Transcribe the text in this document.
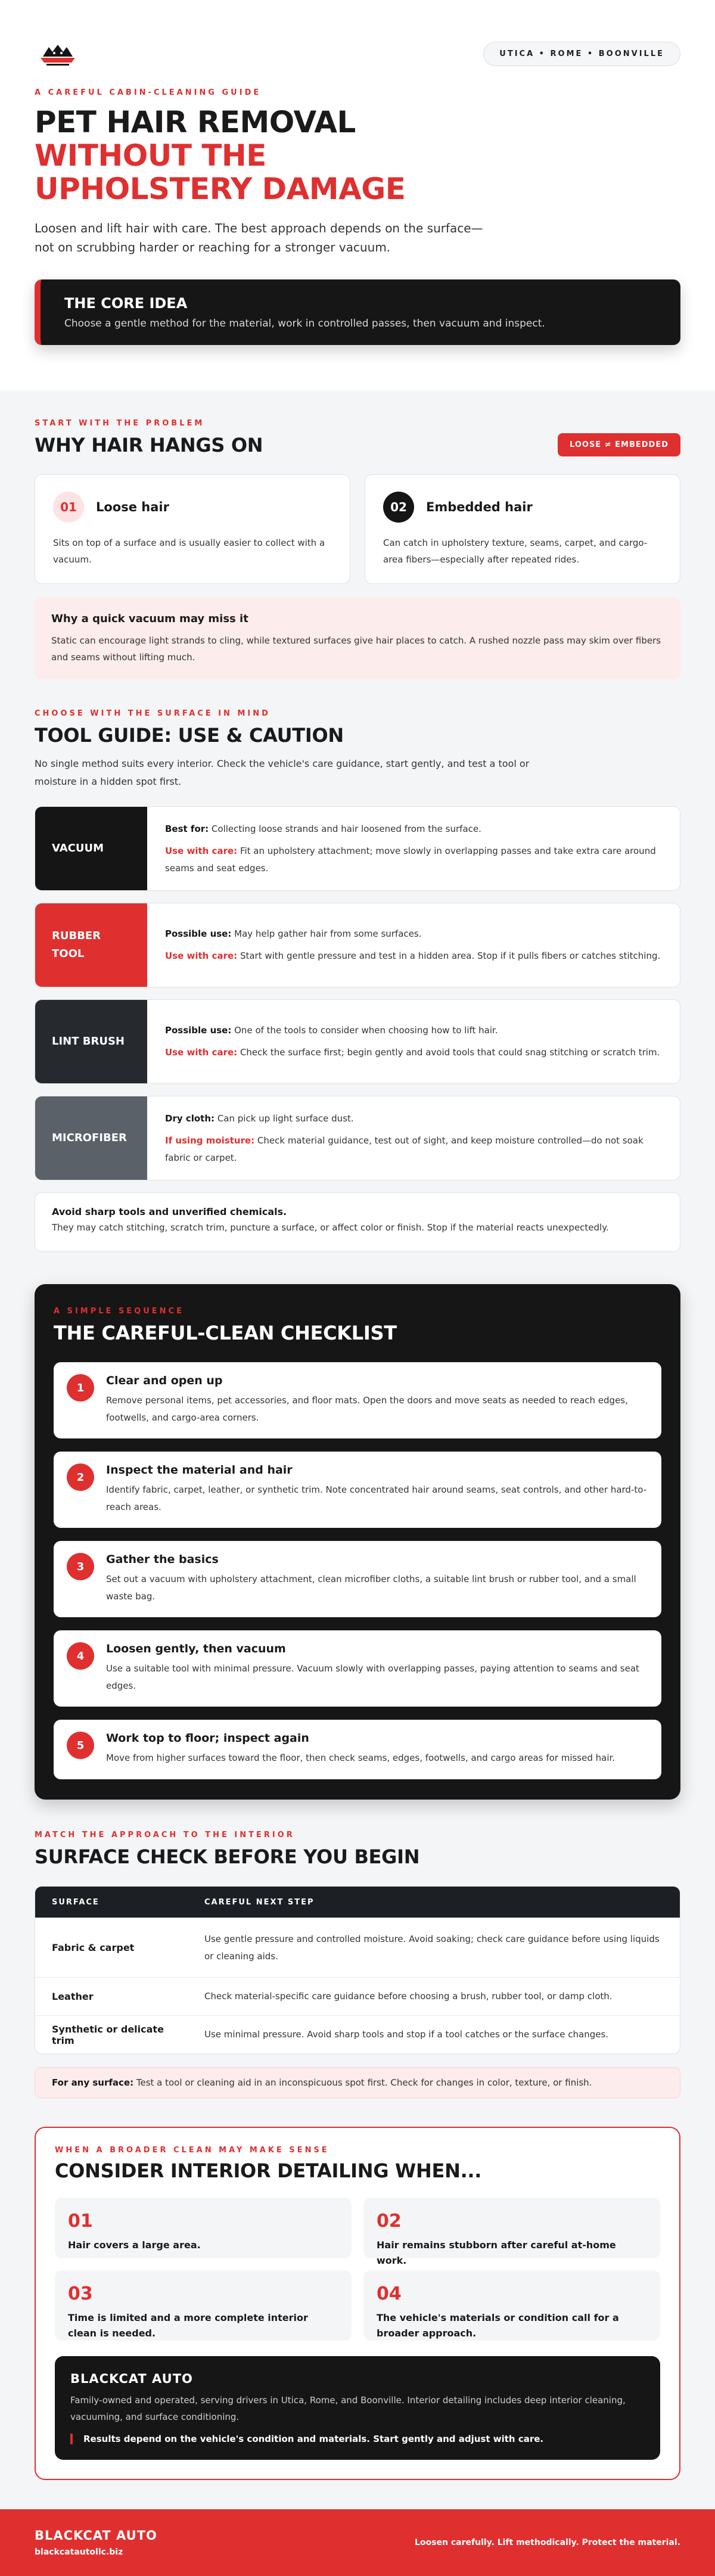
UTICA • ROME • BOONVILLE
A CAREFUL CABIN-CLEANING GUIDE
PET HAIR REMOVAL
WITHOUT THE UPHOLSTERY DAMAGE

Loosen and lift hair with care. The best approach depends on the surface—not on scrubbing harder or reaching for a stronger vacuum.

THE CORE IDEA

Choose a gentle method for the material, work in controlled passes, then vacuum and inspect.

START WITH THE PROBLEM
WHY HAIR HANGS ON	LOOSE ≠ EMBEDDED
01	Loose hair

Sits on top of a surface and is usually easier to collect with a vacuum.

02	Embedded hair

Can catch in upholstery texture, seams, carpet, and cargo-area fibers—especially after repeated rides.

Why a quick vacuum may miss it

Static can encourage light strands to cling, while textured surfaces give hair places to catch. A rushed nozzle pass may skim over fibers and seams without lifting much.

CHOOSE WITH THE SURFACE IN MIND
TOOL GUIDE: USE & CAUTION

No single method suits every interior. Check the vehicle's care guidance, start gently, and test a tool or moisture in a hidden spot first.

VACUUM
Best for: Collecting loose strands and hair loosened from the surface.
Use with care: Fit an upholstery attachment; move slowly in overlapping passes and take extra care around seams and seat edges.
RUBBER TOOL
Possible use: May help gather hair from some surfaces.
Use with care: Start with gentle pressure and test in a hidden area. Stop if it pulls fibers or catches stitching.
LINT BRUSH
Possible use: One of the tools to consider when choosing how to lift hair.
Use with care: Check the surface first; begin gently and avoid tools that could snag stitching or scratch trim.
MICROFIBER
Dry cloth: Can pick up light surface dust.
If using moisture: Check material guidance, test out of sight, and keep moisture controlled—do not soak fabric or carpet.
Avoid sharp tools and unverified chemicals.

They may catch stitching, scratch trim, puncture a surface, or affect color or finish. Stop if the material reacts unexpectedly.

A SIMPLE SEQUENCE
THE CAREFUL-CLEAN CHECKLIST
1
Clear and open up

Remove personal items, pet accessories, and floor mats. Open the doors and move seats as needed to reach edges, footwells, and cargo-area corners.

2
Inspect the material and hair

Identify fabric, carpet, leather, or synthetic trim. Note concentrated hair around seams, seat controls, and other hard-to-reach areas.

3
Gather the basics

Set out a vacuum with upholstery attachment, clean microfiber cloths, a suitable lint brush or rubber tool, and a small waste bag.

4
Loosen gently, then vacuum

Use a suitable tool with minimal pressure. Vacuum slowly with overlapping passes, paying attention to seams and seat edges.

5
Work top to floor; inspect again

Move from higher surfaces toward the floor, then check seams, edges, footwells, and cargo areas for missed hair.

MATCH THE APPROACH TO THE INTERIOR
SURFACE CHECK BEFORE YOU BEGIN
SURFACE	CAREFUL NEXT STEP
Fabric & carpet
Use gentle pressure and controlled moisture. Avoid soaking; check care guidance before using liquids or cleaning aids.
Leather	Check material-specific care guidance before choosing a brush, rubber tool, or damp cloth.
Synthetic or delicate trim
Use minimal pressure. Avoid sharp tools and stop if a tool catches or the surface changes.
For any surface: Test a tool or cleaning aid in an inconspicuous spot first. Check for changes in color, texture, or finish.
WHEN A BROADER CLEAN MAY MAKE SENSE
CONSIDER INTERIOR DETAILING WHEN...
01
Hair covers a large area.
02
Hair remains stubborn after careful at-home work.
03
Time is limited and a more complete interior clean is needed.
04
The vehicle's materials or condition call for a broader approach.
BLACKCAT AUTO

Family-owned and operated, serving drivers in Utica, Rome, and Boonville. Interior detailing includes deep interior cleaning, vacuuming, and surface conditioning.

Results depend on the vehicle's condition and materials. Start gently and adjust with care.
BLACKCAT AUTO
blackcatautollc.biz
Loosen carefully. Lift methodically. Protect the material.
